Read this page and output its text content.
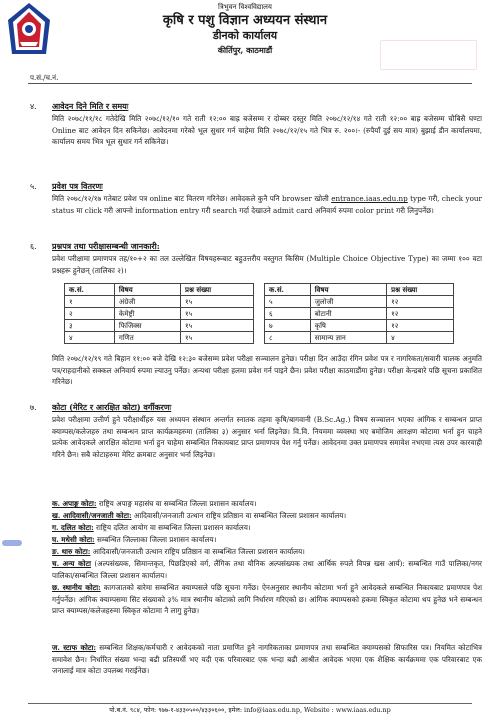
त्रिभुवन विश्वविद्यालय
कृषि र पशु विज्ञान अध्ययन संस्थान
डीनको कार्यालय
कीर्तिपुर, काठमाडौं
प.सं./च.नं.
४. आवेदन दिने मिति र समयः
मिति २०७८/११/१८ गतेदेखि मिति २०७८/१२/१० गते राती १२:०० बाह्र बजेसम्म र दोब्बर दस्तुर मिति २०७८/१२/१४ गते राती १२:०० बाह्र बजेसम्म चौबिसै घण्टा Online बाट आवेदन दिन सकिनेछ। आवेदनमा गरेको भूल सुधार गर्न चाहेमा मिति २०७८/१२/१५ गते भित्र रु. २००।- (रुपैयाँ दुई सय मात्र) बुझाई डीन कार्यालयमा, कार्यालय समय भित्र भूल सुधार गर्न सकिनेछ।
५. प्रवेश पत्र वितरणः
मिति २०७८/१२/१७ गतेबाट प्रवेश पत्र online बाट वितरण गरिनेछ। आवेदकले कुनै पनि browser खोली entrance.iaas.edu.np type गरी, check your status मा click गरी आफ्नो information entry गरी search गर्दा देखाउने admit card अनिवार्य रुपमा color print गरी लिनुपर्नेछ।
६. प्रश्नपत्र तथा परीक्षासम्बन्धी जानकारी:
प्रवेश परीक्षामा प्रमाणपत्र तह/१०+२ का तल उल्लेखित विषयहरूबाट बहुउत्तरीय वस्तुगत किसिम (Multiple Choice Objective Type) का जम्मा १०० वटा प्रश्नहरू हुनेछन् (तालिका २)।
क.सं.	विषय	प्रश्न संख्या
१	अंग्रेजी	१५
२	केमेष्ट्री	१५
३	फिजिक्स	१५
४	गणित	१५
क.सं.	विषय	प्रश्न संख्या
५	जुलोजी	१२
६	बोटानी	१२
७	कृषि	१२
८	सामान्य ज्ञान	४
मिति २०७८/१२/१९ गते बिहान ११:०० बजे देखि १२:३० बजेसम्म प्रवेश परीक्षा सञ्चालन हुनेछ। परीक्षा दिन आउँदा रंगिन प्रवेश पत्र र नागरिकता/सवारी चालक अनुमति पत्र/राहदानीको सक्कल अनिवार्य रुपमा ल्याउनु पर्नेछ। अन्यथा परीक्षा हलमा प्रवेश गर्न पाइने छैन। प्रवेश परीक्षा काठमाडौंमा हुनेछ। परीक्षा केन्द्रबारे पछि सूचना प्रकाशित गरिनेछ।
७. कोटा (मेरिट र आरक्षित कोटा) वर्गीकरणः
प्रवेश परीक्षामा उत्तीर्ण हुने परीक्षार्थीहरु यस अध्ययन संस्थान अन्तर्गत स्नातक तहमा कृषि/बागवानी (B.Sc.Ag.) विषय सञ्चालन भएका आंगिक र सम्बन्धन प्राप्त क्याम्पस/कलेजहरु तथा सम्बन्धन प्राप्त कार्यक्रमहरुमा (तालिका ३) अनुसार भर्ना लिइनेछ। वि.वि. नियममा व्यवस्था भए बमोजिम आरक्षण कोटामा भर्ना हुन चाहने प्रत्येक आवेदकले आरक्षित कोटामा भर्ना हुन चाहेमा सम्बन्धित निकायबाट प्राप्त प्रमाणपत्र पेश गर्नु पर्नेछ। आवेदनमा उक्त प्रमाणपत्र समावेश नभएमा त्यस उपर कारवाही गरिने छैन। सबै कोटाहरुमा मेरिट क्रमबाट अनुसार भर्ना लिइनेछ।
क. अपाङ्ग कोटा: राष्ट्रिय अपाङ्ग महासंघ वा सम्बन्धित जिल्ला प्रशासन कार्यालय।
ख. आदिवासी/जनजाती कोटा: आदिवासी/जनजाती उत्थान राष्ट्रिय प्रतिष्ठान वा सम्बन्धित जिल्ला प्रशासन कार्यालय।
ग. दलित कोटा: राष्ट्रिय दलित आयोग वा सम्बन्धित जिल्ला प्रशासन कार्यालय।
घ. मधेसी कोटा: सम्बन्धित जिल्लाका जिल्ला प्रशासन कार्यालय।
ङ. थारु कोटा: आदिवासी/जनजाती उत्थान राष्ट्रिय प्रतिष्ठान वा सम्बन्धित जिल्ला प्रशासन कार्यालय।
च. अन्य कोटा (अल्पसंख्यक, सिमान्तकृत, पिछडिएको वर्ग, लैंगिक तथा यौनिक अल्पसंख्यक तथा आर्थिक रुपले विपन्न खस आर्य): सम्बन्धित गाउँ पालिका/नगर पालिका/सम्बन्धित जिल्ला प्रशासन कार्यालय।
छ. स्थानीय कोटा: कागजातको बारेमा सम्बन्धित क्याम्पसले पछि सूचना गर्नेछ। ऐनअनुसार स्थानीय कोटामा भर्ना हुने आवेदकले सम्बन्धित निकायबाट प्रमाणपत्र पेश गर्नुपर्नेछ। आंगिक क्याम्पसमा सिट संख्याको ३% मात्र स्थानीय कोटाको लागि निर्धारण गरिएको छ। आंगिक क्याम्पसको हकमा स्विकृत कोटामा थप हुनेछ भने सम्बन्धन प्राप्त क्याम्पस/कलेजहरुमा स्विकृत कोटामा नै लागु हुनेछ।
ज. स्टाफ कोटा: सम्बन्धित शिक्षक/कर्मचारी र आवेदकको नाता प्रमाणित हुने नागरिकताका प्रमाणपत्र तथा सम्बन्धित क्याम्पसको सिफारिस पत्र। नियमित कोटाभित्र समावेश छैन। निर्धारित संख्या भन्दा बढी प्रतिस्पर्धी भए यदी एक परिवारबाट एक भन्दा बढी आश्रीत आवेदक भएमा एक शैक्षिक कार्यक्रममा एक परिवारबाट एक जनालाई मात्र कोटा उपलब्ध गराईनेछ।
पो.ब.नं. ९८४, फोन: ९७७-१-४३३०५००/४३३०६००, इमेल: info@iaas.edu.np, Website : www.iaas.edu.np
